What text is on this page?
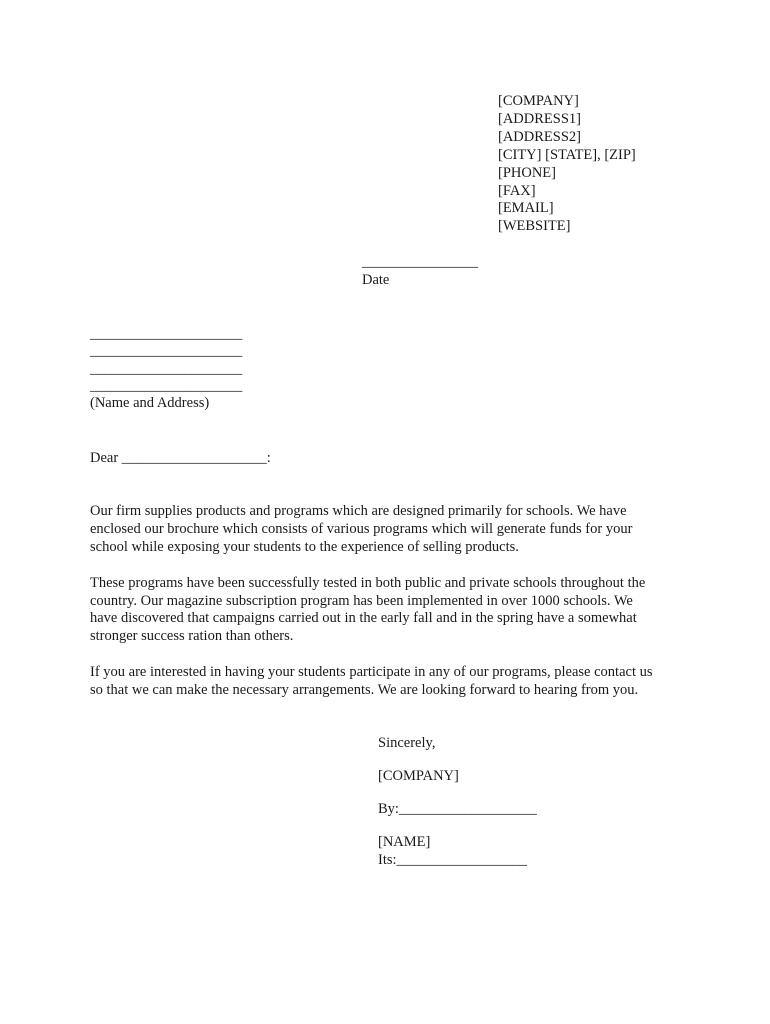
[COMPANY]
[ADDRESS1]
[ADDRESS2]
[CITY] [STATE], [ZIP]
[PHONE]
[FAX]
[EMAIL]
[WEBSITE]
________________
Date
_____________________
_____________________
_____________________
_____________________
(Name and Address)
Dear ____________________:

Our firm supplies products and programs which are designed primarily for schools. We have
enclosed our brochure which consists of various programs which will generate funds for your
school while exposing your students to the experience of selling products.

These programs have been successfully tested in both public and private schools throughout the
country. Our magazine subscription program has been implemented in over 1000 schools. We
have discovered that campaigns carried out in the early fall and in the spring have a somewhat
stronger success ration than others.

If you are interested in having your students participate in any of our programs, please contact us
so that we can make the necessary arrangements. We are looking forward to hearing from you.

Sincerely,
[COMPANY]
By:___________________
[NAME]
Its:__________________
